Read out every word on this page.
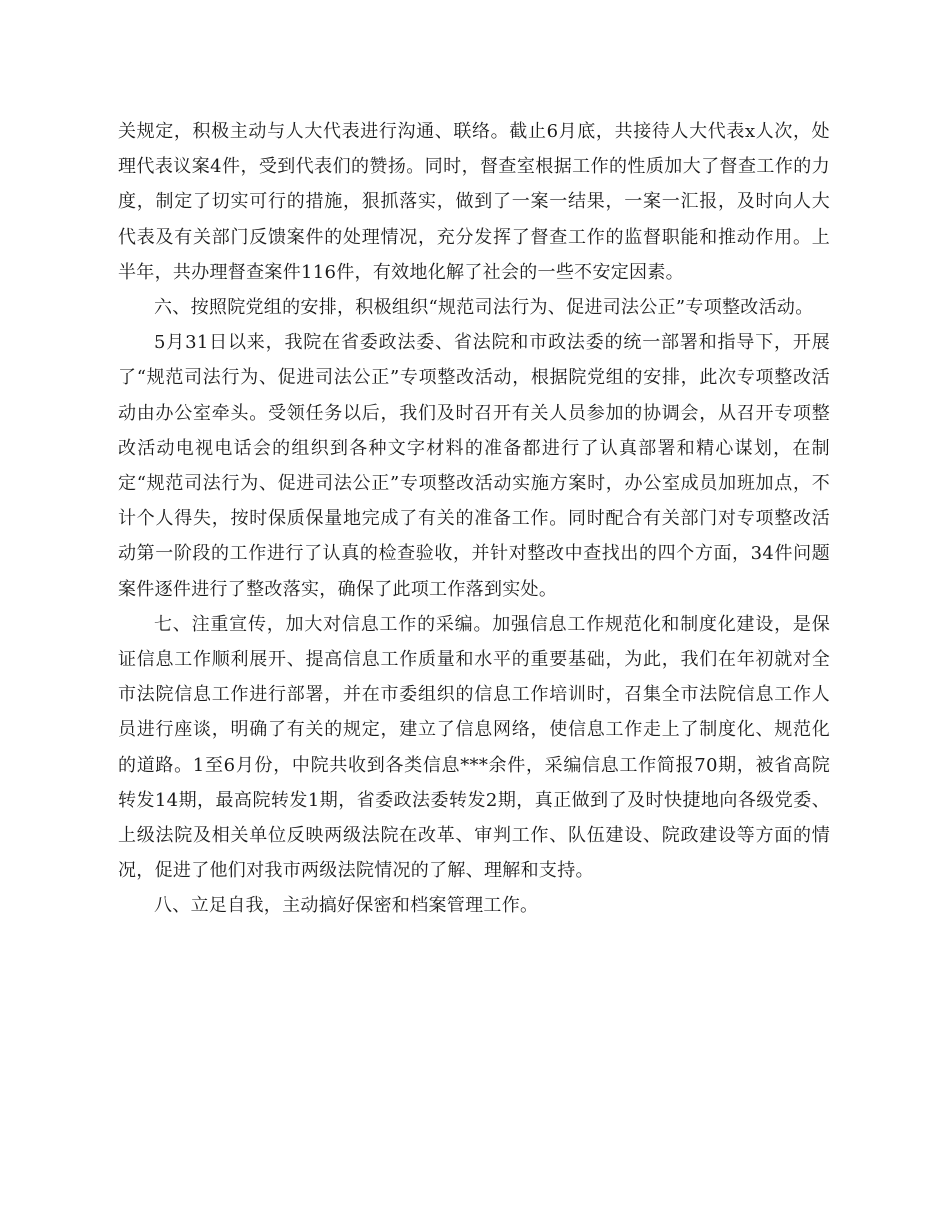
关规定，积极主动与人大代表进行沟通、联络。截止6月底，共接待人大代表x人次，处理代表议案4件，受到代表们的赞扬。同时，督查室根据工作的性质加大了督查工作的力度，制定了切实可行的措施，狠抓落实，做到了一案一结果，一案一汇报，及时向人大代表及有关部门反馈案件的处理情况，充分发挥了督查工作的监督职能和推动作用。上半年，共办理督查案件116件，有效地化解了社会的一些不安定因素。

六、按照院党组的安排，积极组织“规范司法行为、促进司法公正”专项整改活动。

5月31日以来，我院在省委政法委、省法院和市政法委的统一部署和指导下，开展了“规范司法行为、促进司法公正”专项整改活动，根据院党组的安排，此次专项整改活动由办公室牵头。受领任务以后，我们及时召开有关人员参加的协调会，从召开专项整改活动电视电话会的组织到各种文字材料的准备都进行了认真部署和精心谋划，在制定“规范司法行为、促进司法公正”专项整改活动实施方案时，办公室成员加班加点，不计个人得失，按时保质保量地完成了有关的准备工作。同时配合有关部门对专项整改活动第一阶段的工作进行了认真的检查验收，并针对整改中查找出的四个方面，34件问题案件逐件进行了整改落实，确保了此项工作落到实处。

七、注重宣传，加大对信息工作的采编。加强信息工作规范化和制度化建设，是保证信息工作顺利展开、提高信息工作质量和水平的重要基础，为此，我们在年初就对全市法院信息工作进行部署，并在市委组织的信息工作培训时，召集全市法院信息工作人员进行座谈，明确了有关的规定，建立了信息网络，使信息工作走上了制度化、规范化的道路。1至6月份，中院共收到各类信息***余件，采编信息工作简报70期，被省高院转发14期，最高院转发1期，省委政法委转发2期，真正做到了及时快捷地向各级党委、上级法院及相关单位反映两级法院在改革、审判工作、队伍建设、院政建设等方面的情况，促进了他们对我市两级法院情况的了解、理解和支持。

八、立足自我，主动搞好保密和档案管理工作。
